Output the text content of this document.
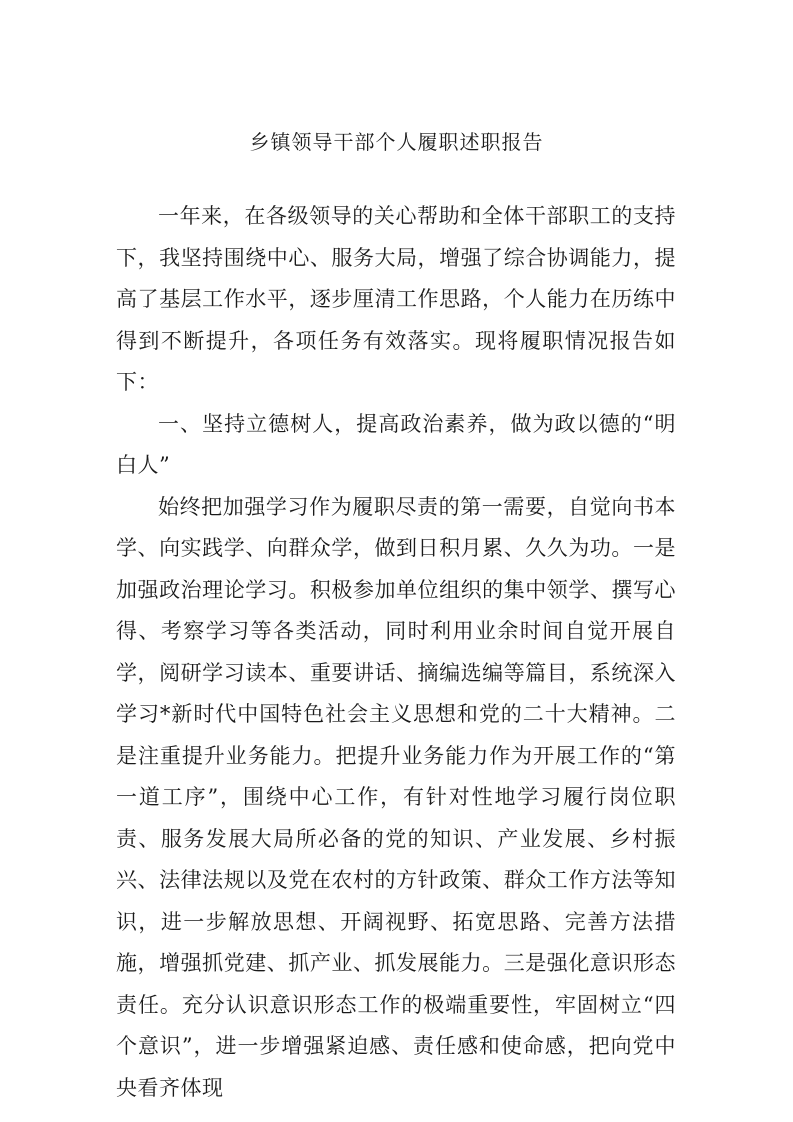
乡镇领导干部个人履职述职报告

一年来，在各级领导的关心帮助和全体干部职工的支持下，我坚持围绕中心、服务大局，增强了综合协调能力，提高了基层工作水平，逐步厘清工作思路，个人能力在历练中得到不断提升，各项任务有效落实。现将履职情况报告如下：

一、坚持立德树人，提高政治素养，做为政以德的“明白人”

始终把加强学习作为履职尽责的第一需要，自觉向书本学、向实践学、向群众学，做到日积月累、久久为功。一是加强政治理论学习。积极参加单位组织的集中领学、撰写心得、考察学习等各类活动，同时利用业余时间自觉开展自学，阅研学习读本、重要讲话、摘编选编等篇目，系统深入学习*新时代中国特色社会主义思想和党的二十大精神。二是注重提升业务能力。把提升业务能力作为开展工作的“第一道工序”，围绕中心工作，有针对性地学习履行岗位职责、服务发展大局所必备的党的知识、产业发展、乡村振兴、法律法规以及党在农村的方针政策、群众工作方法等知识，进一步解放思想、开阔视野、拓宽思路、完善方法措施，增强抓党建、抓产业、抓发展能力。三是强化意识形态责任。充分认识意识形态工作的极端重要性，牢固树立“四个意识”，进一步增强紧迫感、责任感和使命感，把向党中央看齐体现
